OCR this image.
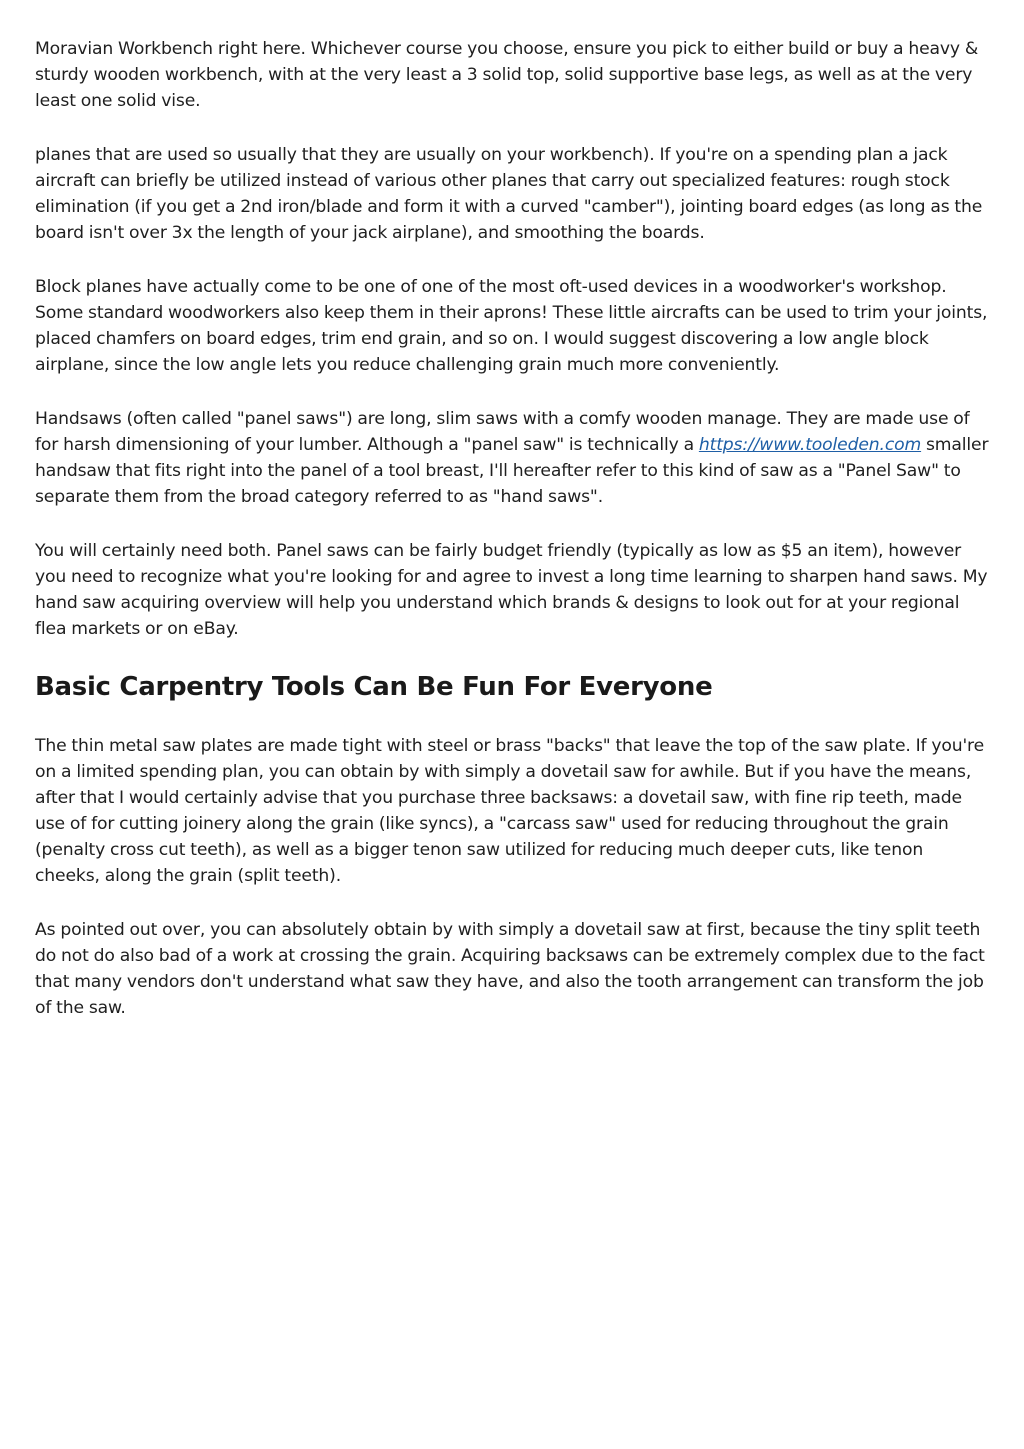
Moravian Workbench right here. Whichever course you choose, ensure you pick to either build or buy a heavy & sturdy wooden workbench, with at the very least a 3 solid top, solid supportive base legs, as well as at the very least one solid vise.

planes that are used so usually that they are usually on your workbench). If you're on a spending plan a jack aircraft can briefly be utilized instead of various other planes that carry out specialized features: rough stock elimination (if you get a 2nd iron/blade and form it with a curved "camber"), jointing board edges (as long as the board isn't over 3x the length of your jack airplane), and smoothing the boards.

Block planes have actually come to be one of one of the most oft-used devices in a woodworker's workshop. Some standard woodworkers also keep them in their aprons! These little aircrafts can be used to trim your joints, placed chamfers on board edges, trim end grain, and so on. I would suggest discovering a low angle block airplane, since the low angle lets you reduce challenging grain much more conveniently.

Handsaws (often called "panel saws") are long, slim saws with a comfy wooden manage. They are made use of for harsh dimensioning of your lumber. Although a "panel saw" is technically a https://www.tooleden.com smaller handsaw that fits right into the panel of a tool breast, I'll hereafter refer to this kind of saw as a "Panel Saw" to separate them from the broad category referred to as "hand saws".

You will certainly need both. Panel saws can be fairly budget friendly (typically as low as $5 an item), however you need to recognize what you're looking for and agree to invest a long time learning to sharpen hand saws. My hand saw acquiring overview will help you understand which brands & designs to look out for at your regional flea markets or on eBay.

Basic Carpentry Tools Can Be Fun For Everyone

The thin metal saw plates are made tight with steel or brass "backs" that leave the top of the saw plate. If you're on a limited spending plan, you can obtain by with simply a dovetail saw for awhile. But if you have the means, after that I would certainly advise that you purchase three backsaws: a dovetail saw, with fine rip teeth, made use of for cutting joinery along the grain (like syncs), a "carcass saw" used for reducing throughout the grain (penalty cross cut teeth), as well as a bigger tenon saw utilized for reducing much deeper cuts, like tenon cheeks, along the grain (split teeth).

As pointed out over, you can absolutely obtain by with simply a dovetail saw at first, because the tiny split teeth do not do also bad of a work at crossing the grain. Acquiring backsaws can be extremely complex due to the fact that many vendors don't understand what saw they have, and also the tooth arrangement can transform the job of the saw.
